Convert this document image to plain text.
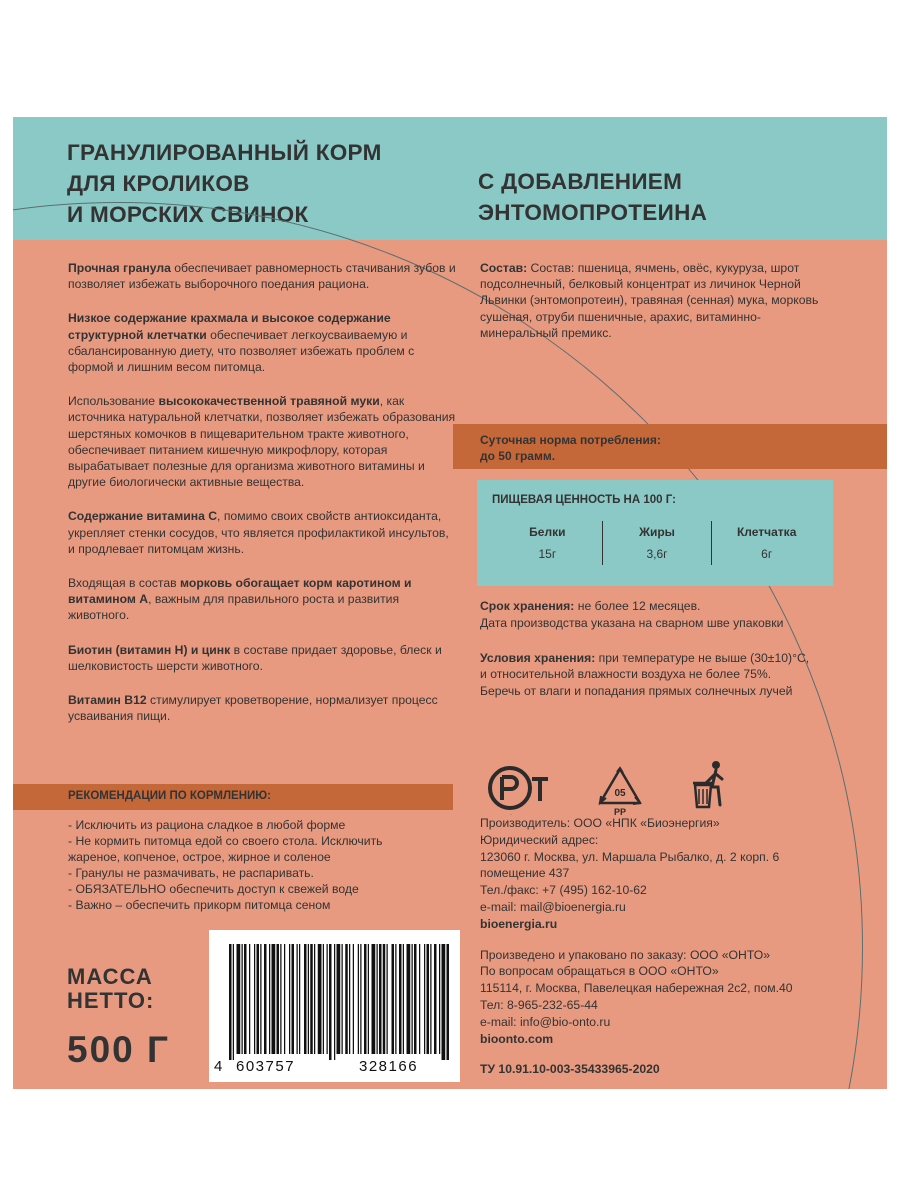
ГРАНУЛИРОВАННЫЙ КОРМ
ДЛЯ КРОЛИКОВ
И МОРСКИХ СВИНОК
С ДОБАВЛЕНИЕМ
ЭНТОМОПРОТЕИНА

Прочная гранула обеспечивает равномерность стачивания зубов и позволяет избежать выборочного поедания рациона.

Низкое содержание крахмала и высокое содержание структурной клетчатки обеспечивает легкоусваиваемую и сбалансированную диету, что позволяет избежать проблем с формой и лишним весом питомца.

Использование высококачественной травяной муки, как источника натуральной клетчатки, позволяет избежать образования шерстяных комочков в пищеварительном тракте животного, обеспечивает питанием кишечную микрофлору, которая вырабатывает полезные для организма животного витамины и другие биологически активные вещества.

Содержание витамина С, помимо своих свойств антиоксиданта, укрепляет стенки сосудов, что является профилактикой инсультов, и продлевает питомцам жизнь.

Входящая в состав морковь обогащает корм каротином и витамином А, важным для правильного роста и развития животного.

Биотин (витамин Н) и цинк в составе придает здоровье, блеск и шелковистость шерсти животного.

Витамин В12 стимулирует кроветворение, нормализует процесс усваивания пищи.

РЕКОМЕНДАЦИИ ПО КОРМЛЕНИЮ:
- Исключить из рациона сладкое в любой форме
- Не кормить питомца едой со своего стола. Исключить
жареное, копченое, острое, жирное и соленое
- Гранулы не размачивать, не распаривать.
- ОБЯЗАТЕЛЬНО обеспечить доступ к свежей воде
- Важно – обеспечить прикорм питомца сеном
Состав: Состав: пшеница, ячмень, овёс, кукуруза, шрот подсолнечный, белковый концентрат из личинок Черной Львинки (энтомопротеин), травяная (сенная) мука, морковь сушеная, отруби пшеничные, арахис, витаминно-минеральный премикс.
Суточная норма потребления:
до 50 грамм.
ПИЩЕВАЯ ЦЕННОСТЬ НА 100 Г:
Белки
15г
Жиры
3,6г
Клетчатка
6г
Срок хранения: не более 12 месяцев.
Дата производства указана на сварном шве упаковки
Условия хранения: при температуре не выше (30±10)°С,
и относительной влажности воздуха не более 75%.
Беречь от влаги и попадания прямых солнечных лучей
РСТ
05
PP
Производитель: ООО «НПК «Биоэнергия»
Юридический адрес:
123060 г. Москва, ул. Маршала Рыбалко, д. 2 корп. 6
помещение 437
Тел./факс: +7 (495) 162-10-62
e-mail: mail@bioenergia.ru
bioenergia.ru
Произведено и упаковано по заказу: ООО «ОНТО»
По вопросам обращаться в ООО «ОНТО»
115114, г. Москва, Павелецкая набережная 2с2, пом.40
Тел: 8-965-232-65-44
e-mail: info@bio-onto.ru
bioonto.com
ТУ 10.91.10-003-35433965-2020
МАССА
НЕТТО:
500 Г	4 603757	328166
